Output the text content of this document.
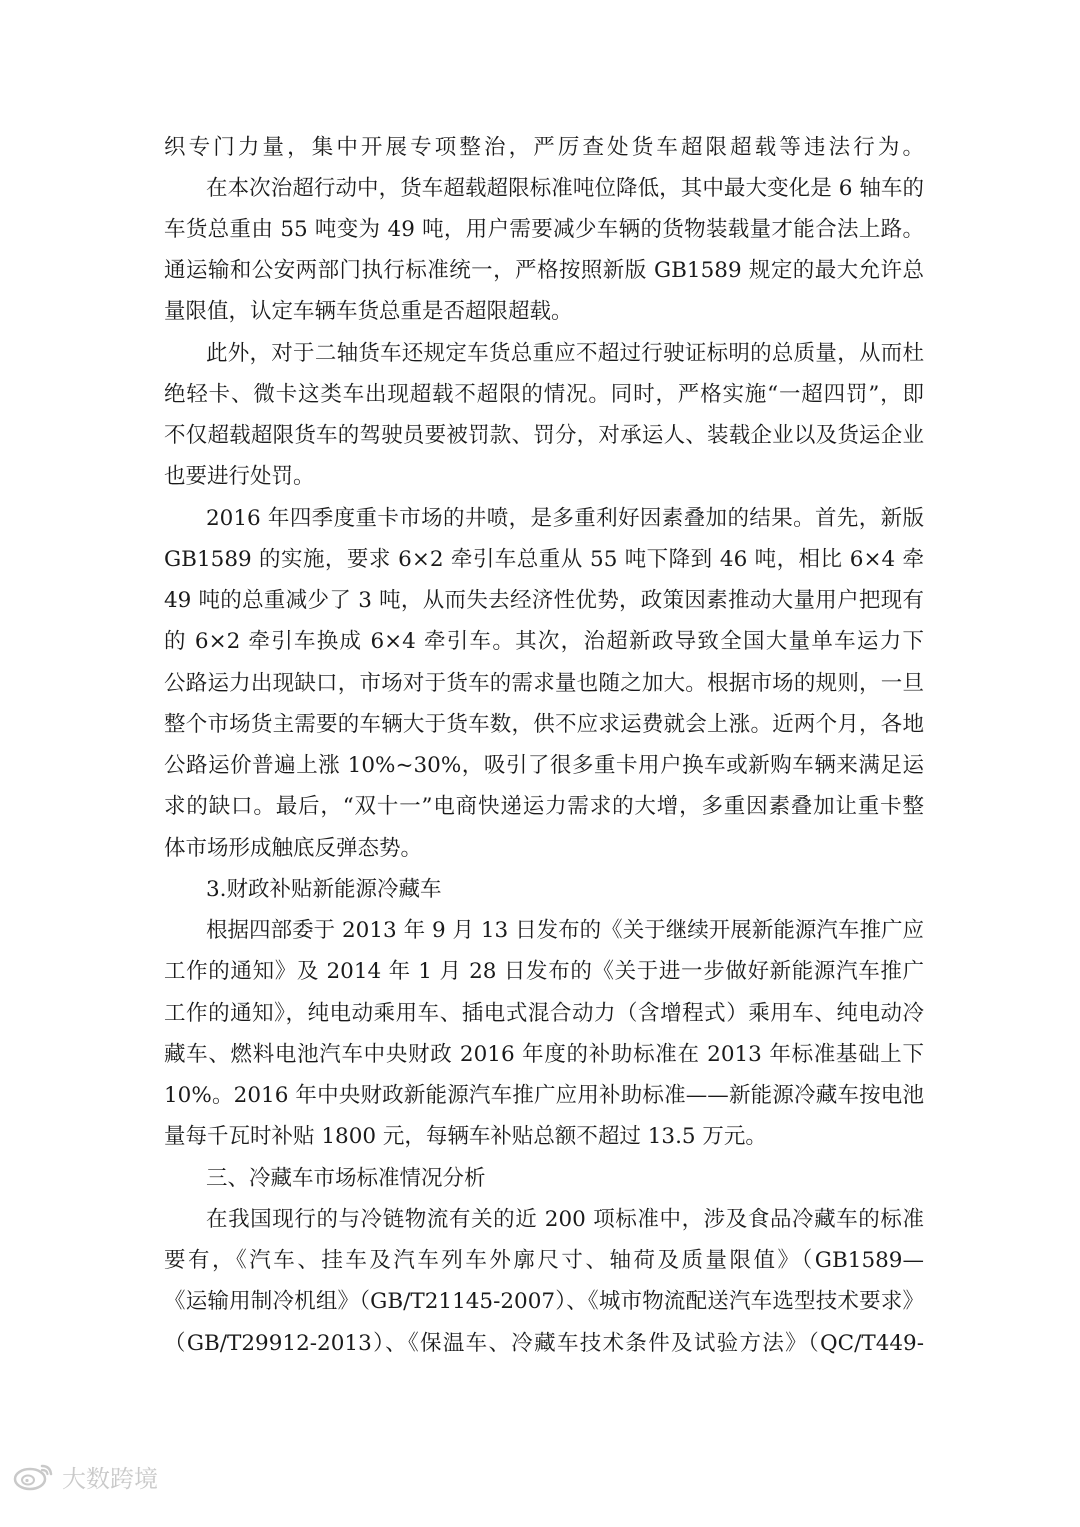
织专门力量，集中开展专项整治，严厉查处货车超限超载等违法行为。
在本次治超行动中，货车超载超限标准吨位降低，其中最大变化是 6 轴车的
车货总重由 55 吨变为 49 吨，用户需要减少车辆的货物装载量才能合法上路。
通运输和公安两部门执行标准统一，严格按照新版 GB1589 规定的最大允许总
量限值，认定车辆车货总重是否超限超载。
此外，对于二轴货车还规定车货总重应不超过行驶证标明的总质量，从而杜
绝轻卡、微卡这类车出现超载不超限的情况。同时，严格实施“一超四罚”，即
不仅超载超限货车的驾驶员要被罚款、罚分，对承运人、装载企业以及货运企业
也要进行处罚。
2016 年四季度重卡市场的井喷，是多重利好因素叠加的结果。首先，新版
GB1589 的实施，要求 6×2 牵引车总重从 55 吨下降到 46 吨，相比 6×4 牵
49 吨的总重减少了 3 吨，从而失去经济性优势，政策因素推动大量用户把现有
的 6×2 牵引车换成 6×4 牵引车。其次，治超新政导致全国大量单车运力下
公路运力出现缺口，市场对于货车的需求量也随之加大。根据市场的规则，一旦
整个市场货主需要的车辆大于货车数，供不应求运费就会上涨。近两个月，各地
公路运价普遍上涨 10%~30%，吸引了很多重卡用户换车或新购车辆来满足运
求的缺口。最后，“双十一”电商快递运力需求的大增，多重因素叠加让重卡整
体市场形成触底反弹态势。
3.财政补贴新能源冷藏车
根据四部委于 2013 年 9 月 13 日发布的《关于继续开展新能源汽车推广应
工作的通知》及 2014 年 1 月 28 日发布的《关于进一步做好新能源汽车推广
工作的通知》，纯电动乘用车、插电式混合动力（含增程式）乘用车、纯电动冷
藏车、燃料电池汽车中央财政 2016 年度的补助标准在 2013 年标准基础上下
10%。2016 年中央财政新能源汽车推广应用补助标准——新能源冷藏车按电池
量每千瓦时补贴 1800 元，每辆车补贴总额不超过 13.5 万元。
三、冷藏车市场标准情况分析
在我国现行的与冷链物流有关的近 200 项标准中，涉及食品冷藏车的标准
要有，《汽车、挂车及汽车列车外廓尺寸、轴荷及质量限值》（GB1589—
《运输用制冷机组》（GB/T21145-2007）、《城市物流配送汽车选型技术要求》
（GB/T29912-2013）、《保温车、冷藏车技术条件及试验方法》（QC/T449-
大数跨境
